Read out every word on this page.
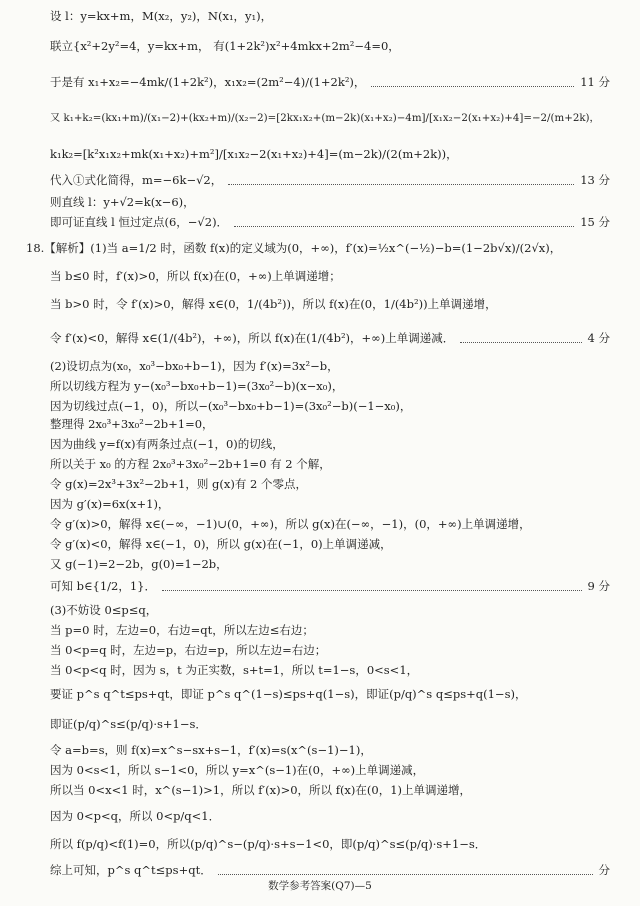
设 l：y=kx+m，M(x₂，y₂)，N(x₁，y₁)，
联立{x²+2y²=4，y=kx+m， 有(1+2k²)x²+4mkx+2m²−4=0，
于是有 x₁+x₂=−4mk/(1+2k²)，x₁x₂=(2m²−4)/(1+2k²)，	11 分
又 k₁+k₂=(kx₁+m)/(x₁−2)+(kx₂+m)/(x₂−2)=[2kx₁x₂+(m−2k)(x₁+x₂)−4m]/[x₁x₂−2(x₁+x₂)+4]=−2/(m+2k)，
k₁k₂=[k²x₁x₂+mk(x₁+x₂)+m²]/[x₁x₂−2(x₁+x₂)+4]=(m−2k)/(2(m+2k))，
代入①式化简得，m=−6k−√2，	13 分
则直线 l：y+√2=k(x−6)，
即可证直线 l 恒过定点(6，−√2)．	15 分
18.【解析】(1)当 a=1/2 时，函数 f(x)的定义域为(0，+∞)，f′(x)=½x^(−½)−b=(1−2b√x)/(2√x)，
当 b≤0 时，f′(x)>0，所以 f(x)在(0，+∞)上单调递增；
当 b>0 时，令 f′(x)>0，解得 x∈(0，1/(4b²))，所以 f(x)在(0，1/(4b²))上单调递增，
令 f′(x)<0，解得 x∈(1/(4b²)，+∞)，所以 f(x)在(1/(4b²)，+∞)上单调递减．	4 分
(2)设切点为(x₀，x₀³−bx₀+b−1)，因为 f′(x)=3x²−b，
所以切线方程为 y−(x₀³−bx₀+b−1)=(3x₀²−b)(x−x₀)，
因为切线过点(−1，0)，所以−(x₀³−bx₀+b−1)=(3x₀²−b)(−1−x₀)，
整理得 2x₀³+3x₀²−2b+1=0，
因为曲线 y=f(x)有两条过点(−1，0)的切线，
所以关于 x₀ 的方程 2x₀³+3x₀²−2b+1=0 有 2 个解，
令 g(x)=2x³+3x²−2b+1，则 g(x)有 2 个零点，
因为 g′(x)=6x(x+1)，
令 g′(x)>0，解得 x∈(−∞，−1)∪(0，+∞)，所以 g(x)在(−∞，−1)，(0，+∞)上单调递增，
令 g′(x)<0，解得 x∈(−1，0)，所以 g(x)在(−1，0)上单调递减，
又 g(−1)=2−2b，g(0)=1−2b，
可知 b∈{1/2，1}．	9 分
(3)不妨设 0≤p≤q，
当 p=0 时，左边=0，右边=qt，所以左边≤右边；
当 0<p=q 时，左边=p，右边=p，所以左边=右边；
当 0<p<q 时，因为 s，t 为正实数，s+t=1，所以 t=1−s，0<s<1，
要证 p^s q^t≤ps+qt，即证 p^s q^(1−s)≤ps+q(1−s)，即证(p/q)^s q≤ps+q(1−s)，
即证(p/q)^s≤(p/q)·s+1−s．
令 a=b=s，则 f(x)=x^s−sx+s−1，f′(x)=s(x^(s−1)−1)，
因为 0<s<1，所以 s−1<0，所以 y=x^(s−1)在(0，+∞)上单调递减，
所以当 0<x<1 时，x^(s−1)>1，所以 f′(x)>0，所以 f(x)在(0，1)上单调递增，
因为 0<p<q，所以 0<p/q<1．
所以 f(p/q)<f(1)=0，所以(p/q)^s−(p/q)·s+s−1<0，即(p/q)^s≤(p/q)·s+1−s．
综上可知，p^s q^t≤ps+qt．	分
数学参考答案(Q7)—5
